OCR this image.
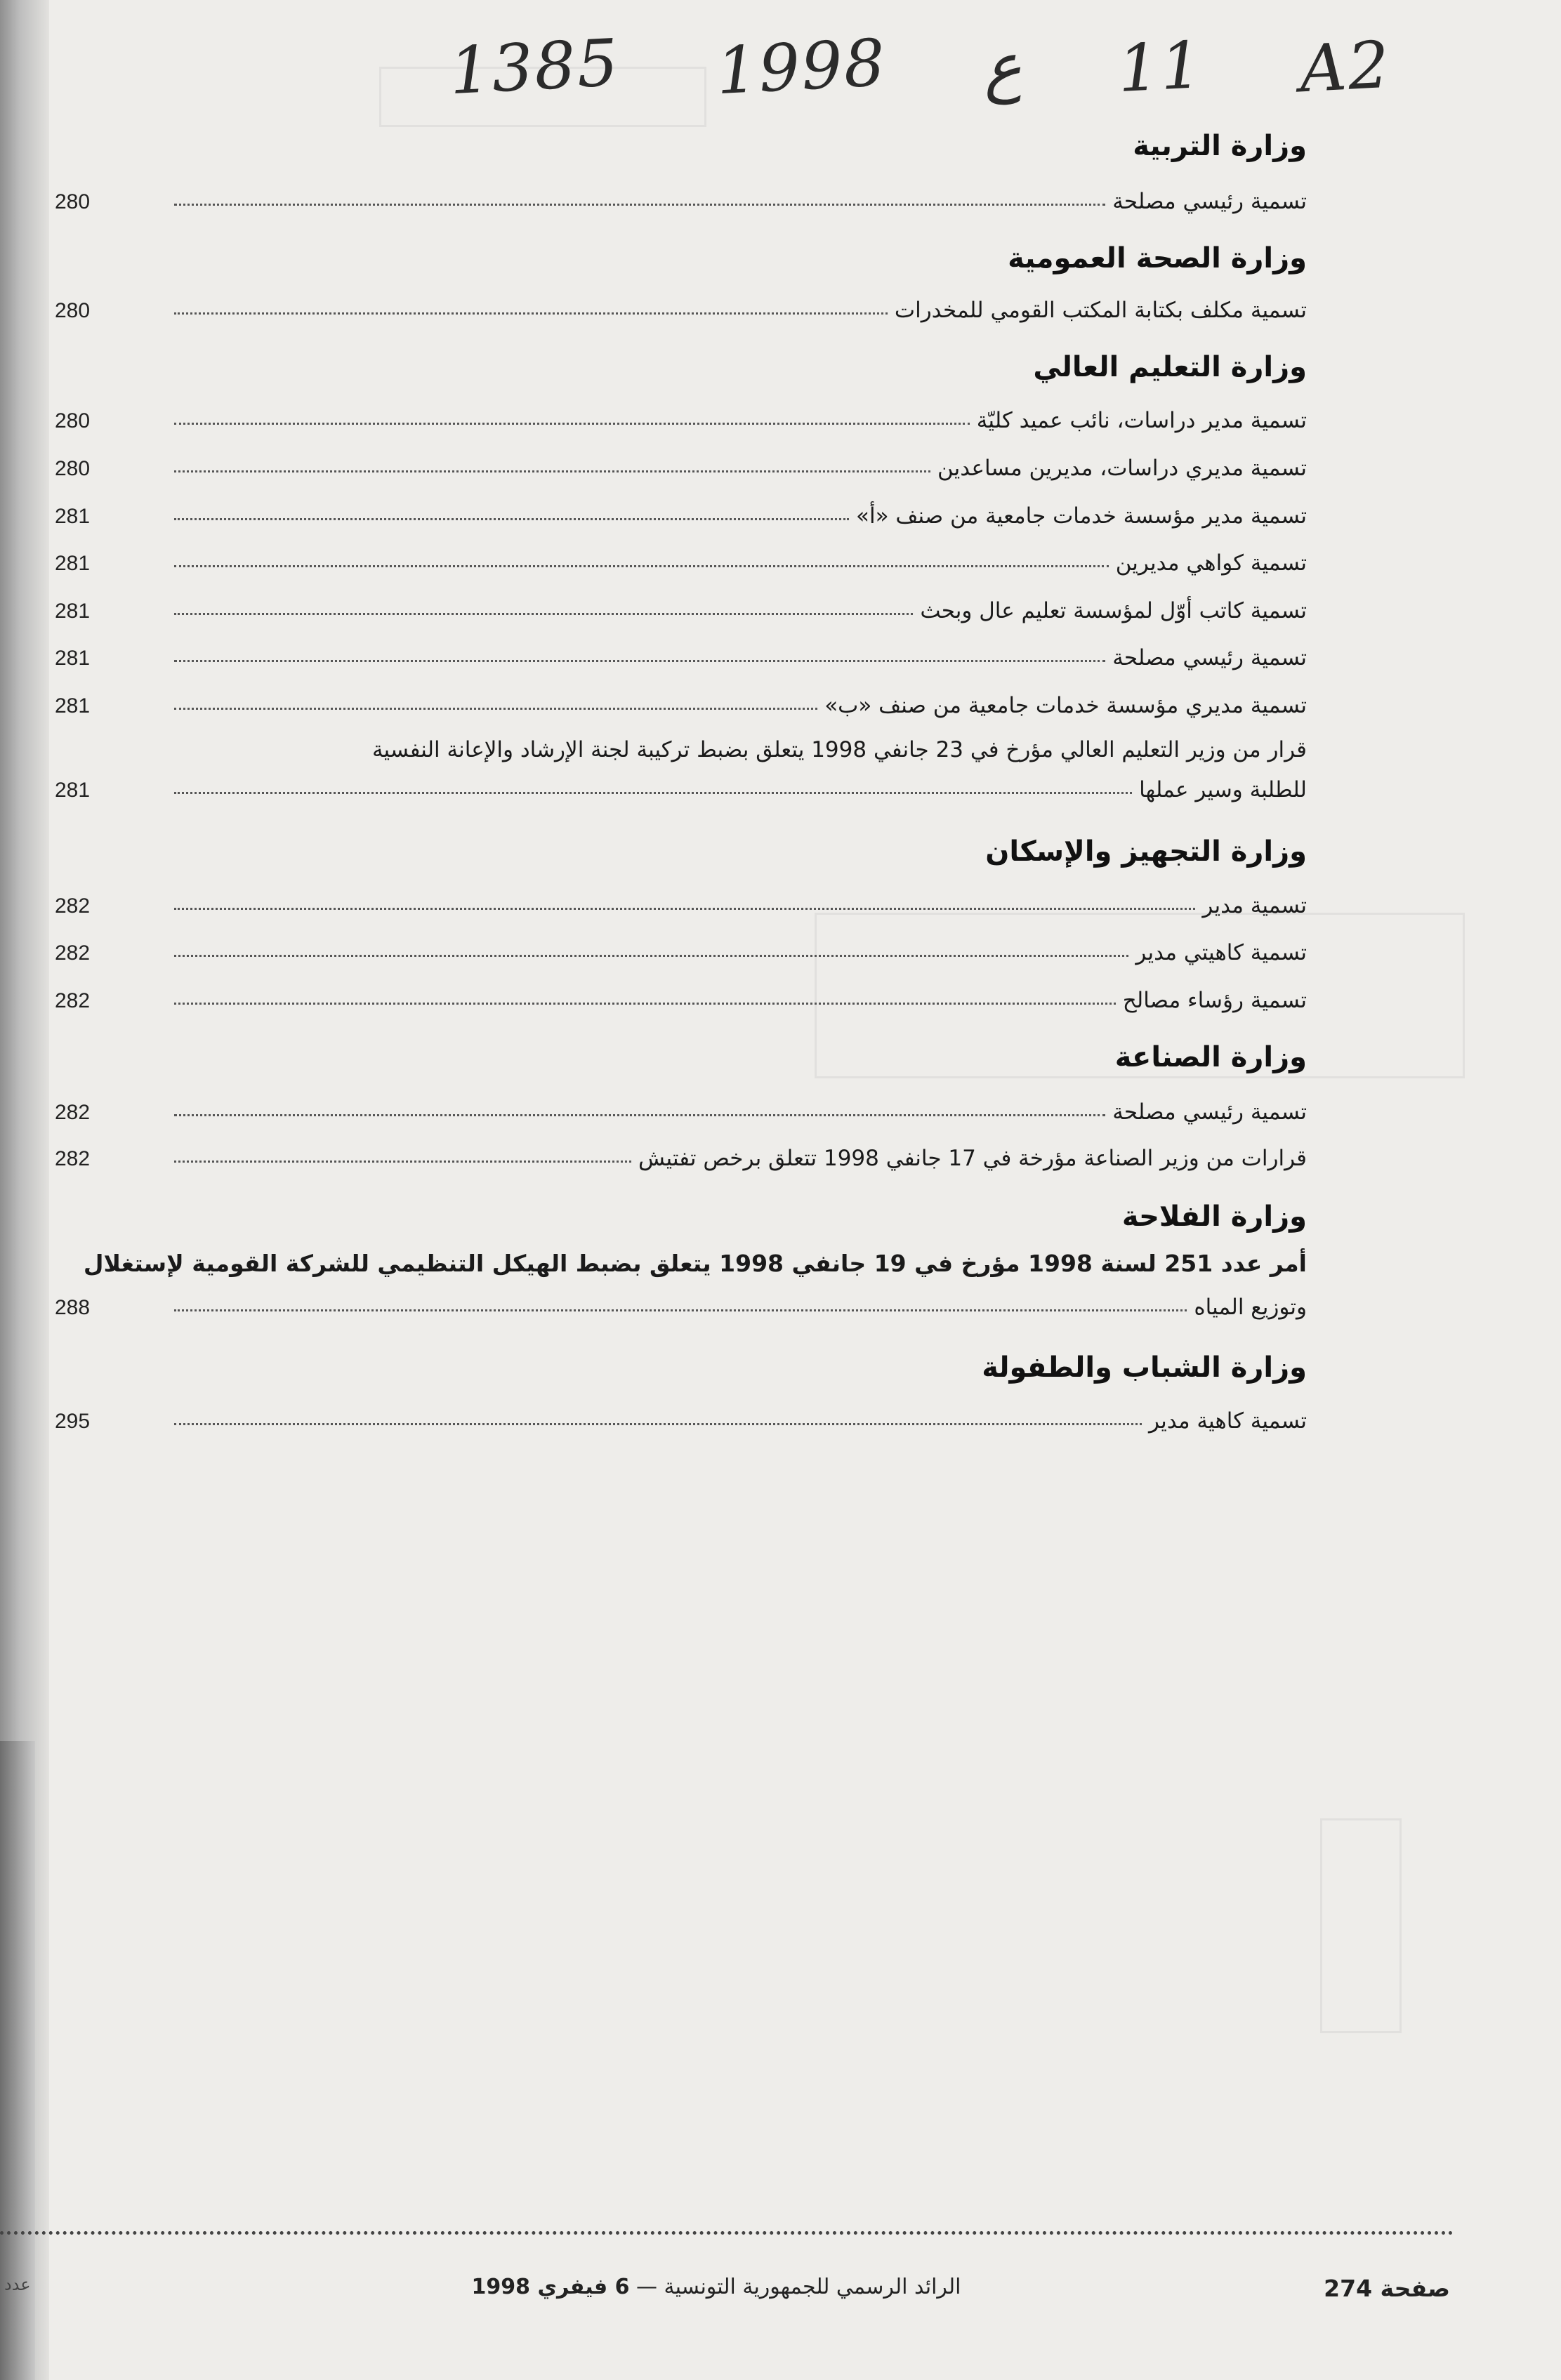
1385 1998 ع 11 A2
وزارة التربية
280	تسمية رئيسي مصلحة
وزارة الصحة العمومية
280	تسمية مكلف بكتابة المكتب القومي للمخدرات
وزارة التعليم العالي
280	تسمية مدير دراسات، نائب عميد كليّة
280	تسمية مديري دراسات، مديرين مساعدين
281	تسمية مدير مؤسسة خدمات جامعية من صنف «أ»
281	تسمية كواهي مديرين
281	تسمية كاتب أوّل لمؤسسة تعليم عال وبحث
281	تسمية رئيسي مصلحة
281	تسمية مديري مؤسسة خدمات جامعية من صنف «ب»
قرار من وزير التعليم العالي مؤرخ في 23 جانفي 1998 يتعلق بضبط تركيبة لجنة الإرشاد والإعانة النفسية
281	للطلبة وسير عملها
وزارة التجهيز والإسكان
282	تسمية مدير
282	تسمية كاهيتي مدير
282	تسمية رؤساء مصالح
وزارة الصناعة
282	تسمية رئيسي مصلحة
282	قرارات من وزير الصناعة مؤرخة في 17 جانفي 1998 تتعلق برخص تفتيش
وزارة الفلاحة
أمر عدد 251 لسنة 1998 مؤرخ في 19 جانفي 1998 يتعلق بضبط الهيكل التنظيمي للشركة القومية لإستغلال
288	وتوزيع المياه
وزارة الشباب والطفولة
295	تسمية كاهية مدير
صفحة 274
الرائد الرسمي للجمهورية التونسية — 6 فيفري 1998
عدد
